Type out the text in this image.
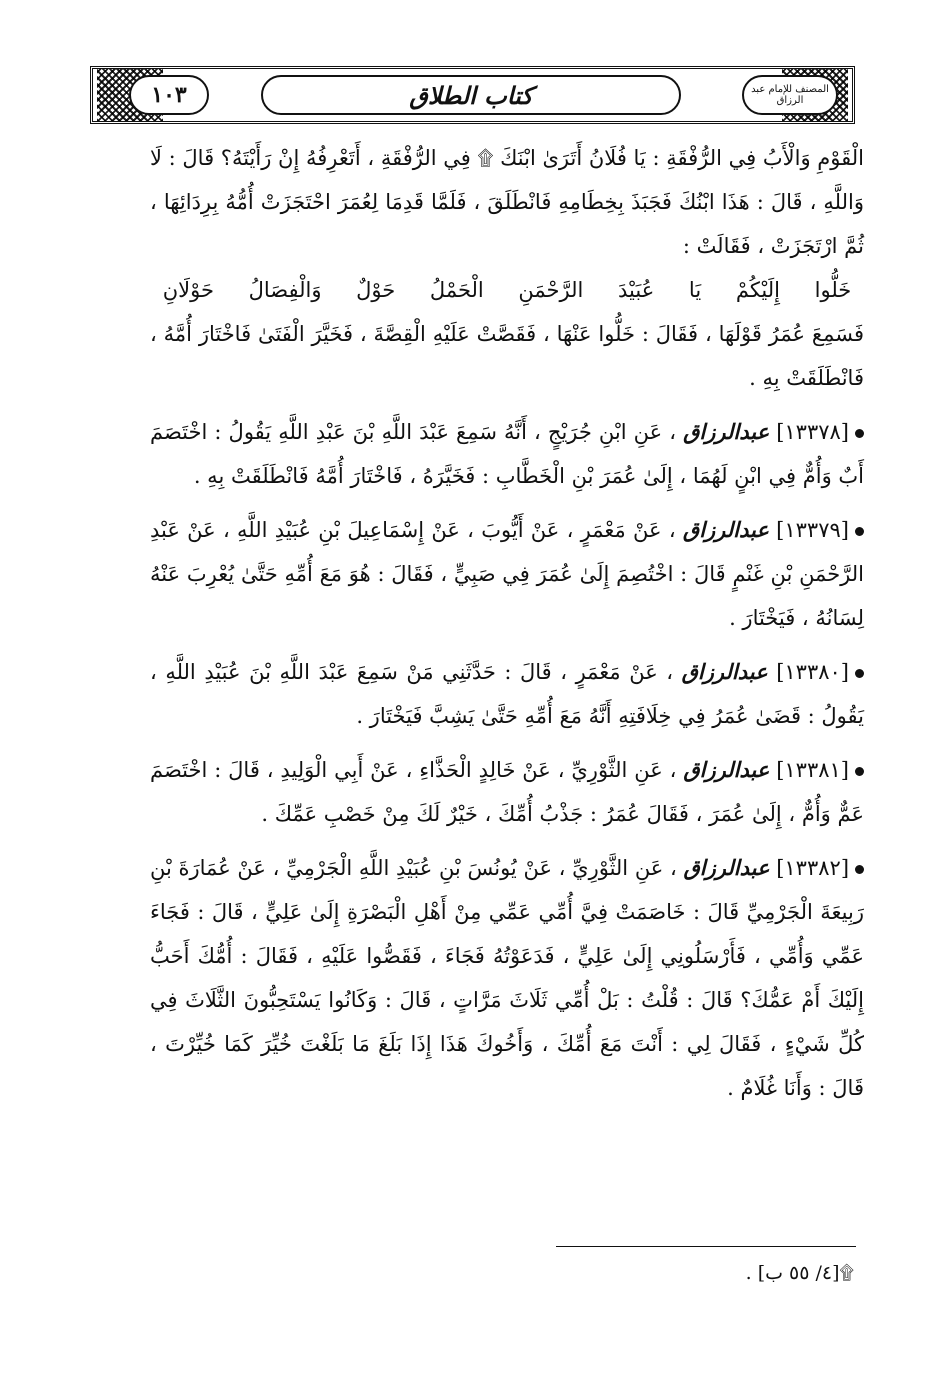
١٠٣	كتاب الطلاق	المصنف للإمام عبد الرزاق

الْقَوْمِ وَالْأَبُ فِي الرُّفْقَةِ : يَا فُلَانُ أَتَرَىٰ ابْنَكَ ۩ فِي الرُّفْقَةِ ، أَتَعْرِفُهُ إِنْ رَأَيْتَهُ؟ قَالَ : لَا وَاللَّهِ ، قَالَ : هَذَا ابْنُكَ فَجَبَذَ بِخِطَامِهِ فَانْطَلَقَ ، فَلَمَّا قَدِمَا لِعُمَرَ احْتَجَزَتْ أُمُّهُ بِرِدَائِهَا ، ثُمَّ ارْتَجَزَتْ ، فَقَالَتْ :

خَلُّوا إِلَيْكُمْ يَا عُبَيْدَ الرَّحْمَنِ الْحَمْلُ حَوْلٌ وَالْفِصَالُ حَوْلَانِ

فَسَمِعَ عُمَرُ قَوْلَهَا ، فَقَالَ : خَلُّوا عَنْهَا ، فَقَصَّتْ عَلَيْهِ الْقِصَّةَ ، فَخَيَّرَ الْفَتَىٰ فَاخْتَارَ أُمَّهُ ، فَانْطَلَقَتْ بِهِ .

[١٣٣٧٨] عبدالرزاق ، عَنِ ابْنِ جُرَيْجٍ ، أَنَّهُ سَمِعَ عَبْدَ اللَّهِ بْنَ عَبْدِ اللَّهِ يَقُولُ : اخْتَصَمَ أَبٌ وَأُمٌّ فِي ابْنٍ لَهُمَا ، إِلَىٰ عُمَرَ بْنِ الْخَطَّابِ : فَخَيَّرَهُ ، فَاخْتَارَ أُمَّهُ فَانْطَلَقَتْ بِهِ .

[١٣٣٧٩] عبدالرزاق ، عَنْ مَعْمَرٍ ، عَنْ أَيُّوبَ ، عَنْ إِسْمَاعِيلَ بْنِ عُبَيْدِ اللَّهِ ، عَنْ عَبْدِ الرَّحْمَنِ بْنِ غَنْمٍ قَالَ : اخْتُصِمَ إِلَىٰ عُمَرَ فِي صَبِيٍّ ، فَقَالَ : هُوَ مَعَ أُمِّهِ حَتَّىٰ يُعْرِبَ عَنْهُ لِسَانُهُ ، فَيَخْتَارَ .

[١٣٣٨٠] عبدالرزاق ، عَنْ مَعْمَرٍ ، قَالَ : حَدَّثَنِي مَنْ سَمِعَ عَبْدَ اللَّهِ بْنَ عُبَيْدِ اللَّهِ ، يَقُولُ : قَضَىٰ عُمَرُ فِي خِلَافَتِهِ أَنَّهُ مَعَ أُمِّهِ حَتَّىٰ يَشِبَّ فَيَخْتَارَ .

[١٣٣٨١] عبدالرزاق ، عَنِ الثَّوْرِيِّ ، عَنْ خَالِدٍ الْحَذَّاءِ ، عَنْ أَبِي الْوَلِيدِ ، قَالَ : اخْتَصَمَ عَمٌّ وَأُمٌّ ، إِلَىٰ عُمَرَ ، فَقَالَ عُمَرُ : جَذْبُ أُمِّكَ ، خَيْرٌ لَكَ مِنْ خَصْبِ عَمِّكَ .

[١٣٣٨٢] عبدالرزاق ، عَنِ الثَّوْرِيِّ ، عَنْ يُونُسَ بْنِ عُبَيْدِ اللَّهِ الْجَرْمِيِّ ، عَنْ عُمَارَةَ بْنِ رَبِيعَةَ الْجَرْمِيِّ قَالَ : خَاصَمَتْ فِيَّ أُمِّي عَمِّي مِنْ أَهْلِ الْبَصْرَةِ إِلَىٰ عَلِيٍّ ، قَالَ : فَجَاءَ عَمِّي وَأُمِّي ، فَأَرْسَلُونِي إِلَىٰ عَلِيٍّ ، فَدَعَوْتُهُ فَجَاءَ ، فَقَصُّوا عَلَيْهِ ، فَقَالَ : أُمُّكَ أَحَبُّ إِلَيْكَ أَمْ عَمُّكَ؟ قَالَ : قُلْتُ : بَلْ أُمِّي ثَلَاثَ مَرَّاتٍ ، قَالَ : وَكَانُوا يَسْتَحِبُّونَ الثَّلَاثَ فِي كُلِّ شَيْءٍ ، فَقَالَ لِي : أَنْتَ مَعَ أُمِّكَ ، وَأَخُوكَ هَذَا إِذَا بَلَغَ مَا بَلَغْتَ خُيِّرَ كَمَا خُيِّرْتَ ، قَالَ : وَأَنَا غُلَامٌ .

۩[٤/ ٥٥ ب] .
